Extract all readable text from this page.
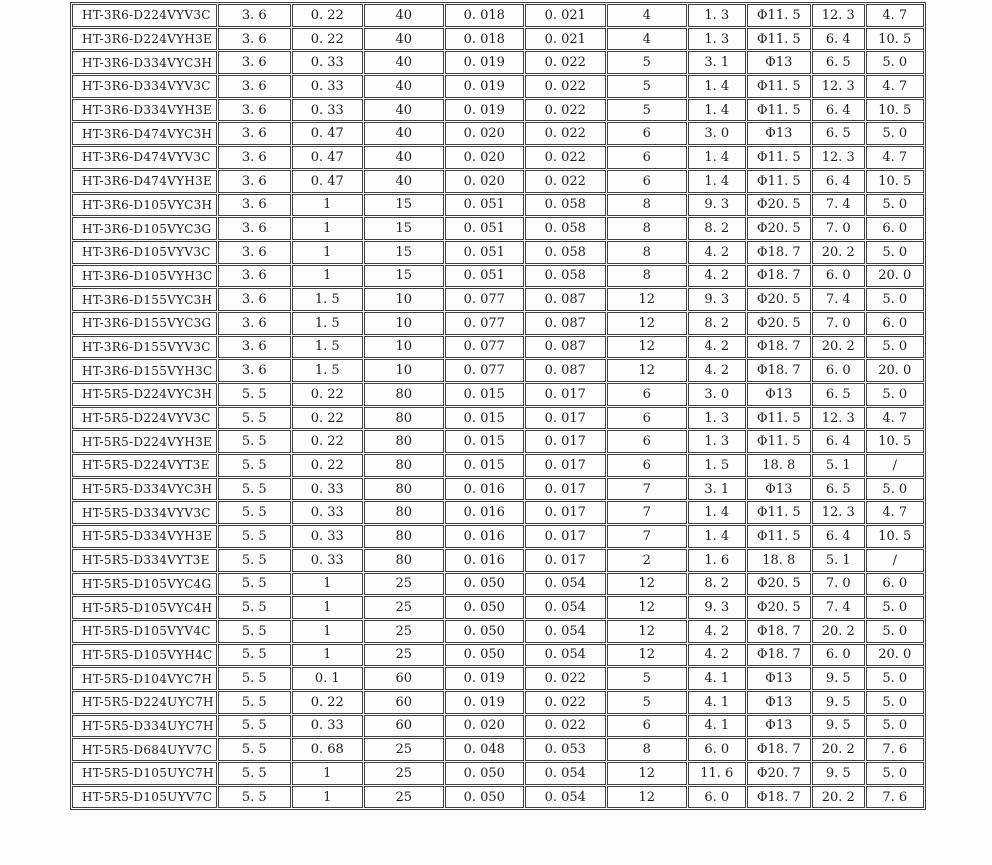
HT-3R6-D224VYV3C	3. 6	0. 22	40	0. 018	0. 021	4	1. 3	Φ11. 5	12. 3	4. 7
HT-3R6-D224VYH3E	3. 6	0. 22	40	0. 018	0. 021	4	1. 3	Φ11. 5	6. 4	10. 5
HT-3R6-D334VYC3H	3. 6	0. 33	40	0. 019	0. 022	5	3. 1	Φ13	6. 5	5. 0
HT-3R6-D334VYV3C	3. 6	0. 33	40	0. 019	0. 022	5	1. 4	Φ11. 5	12. 3	4. 7
HT-3R6-D334VYH3E	3. 6	0. 33	40	0. 019	0. 022	5	1. 4	Φ11. 5	6. 4	10. 5
HT-3R6-D474VYC3H	3. 6	0. 47	40	0. 020	0. 022	6	3. 0	Φ13	6. 5	5. 0
HT-3R6-D474VYV3C	3. 6	0. 47	40	0. 020	0. 022	6	1. 4	Φ11. 5	12. 3	4. 7
HT-3R6-D474VYH3E	3. 6	0. 47	40	0. 020	0. 022	6	1. 4	Φ11. 5	6. 4	10. 5
HT-3R6-D105VYC3H	3. 6	1	15	0. 051	0. 058	8	9. 3	Φ20. 5	7. 4	5. 0
HT-3R6-D105VYC3G	3. 6	1	15	0. 051	0. 058	8	8. 2	Φ20. 5	7. 0	6. 0
HT-3R6-D105VYV3C	3. 6	1	15	0. 051	0. 058	8	4. 2	Φ18. 7	20. 2	5. 0
HT-3R6-D105VYH3C	3. 6	1	15	0. 051	0. 058	8	4. 2	Φ18. 7	6. 0	20. 0
HT-3R6-D155VYC3H	3. 6	1. 5	10	0. 077	0. 087	12	9. 3	Φ20. 5	7. 4	5. 0
HT-3R6-D155VYC3G	3. 6	1. 5	10	0. 077	0. 087	12	8. 2	Φ20. 5	7. 0	6. 0
HT-3R6-D155VYV3C	3. 6	1. 5	10	0. 077	0. 087	12	4. 2	Φ18. 7	20. 2	5. 0
HT-3R6-D155VYH3C	3. 6	1. 5	10	0. 077	0. 087	12	4. 2	Φ18. 7	6. 0	20. 0
HT-5R5-D224VYC3H	5. 5	0. 22	80	0. 015	0. 017	6	3. 0	Φ13	6. 5	5. 0
HT-5R5-D224VYV3C	5. 5	0. 22	80	0. 015	0. 017	6	1. 3	Φ11. 5	12. 3	4. 7
HT-5R5-D224VYH3E	5. 5	0. 22	80	0. 015	0. 017	6	1. 3	Φ11. 5	6. 4	10. 5
HT-5R5-D224VYT3E	5. 5	0. 22	80	0. 015	0. 017	6	1. 5	18. 8	5. 1	/
HT-5R5-D334VYC3H	5. 5	0. 33	80	0. 016	0. 017	7	3. 1	Φ13	6. 5	5. 0
HT-5R5-D334VYV3C	5. 5	0. 33	80	0. 016	0. 017	7	1. 4	Φ11. 5	12. 3	4. 7
HT-5R5-D334VYH3E	5. 5	0. 33	80	0. 016	0. 017	7	1. 4	Φ11. 5	6. 4	10. 5
HT-5R5-D334VYT3E	5. 5	0. 33	80	0. 016	0. 017	2	1. 6	18. 8	5. 1	/
HT-5R5-D105VYC4G	5. 5	1	25	0. 050	0. 054	12	8. 2	Φ20. 5	7. 0	6. 0
HT-5R5-D105VYC4H	5. 5	1	25	0. 050	0. 054	12	9. 3	Φ20. 5	7. 4	5. 0
HT-5R5-D105VYV4C	5. 5	1	25	0. 050	0. 054	12	4. 2	Φ18. 7	20. 2	5. 0
HT-5R5-D105VYH4C	5. 5	1	25	0. 050	0. 054	12	4. 2	Φ18. 7	6. 0	20. 0
HT-5R5-D104VYC7H	5. 5	0. 1	60	0. 019	0. 022	5	4. 1	Φ13	9. 5	5. 0
HT-5R5-D224UYC7H	5. 5	0. 22	60	0. 019	0. 022	5	4. 1	Φ13	9. 5	5. 0
HT-5R5-D334UYC7H	5. 5	0. 33	60	0. 020	0. 022	6	4. 1	Φ13	9. 5	5. 0
HT-5R5-D684UYV7C	5. 5	0. 68	25	0. 048	0. 053	8	6. 0	Φ18. 7	20. 2	7. 6
HT-5R5-D105UYC7H	5. 5	1	25	0. 050	0. 054	12	11. 6	Φ20. 7	9. 5	5. 0
HT-5R5-D105UYV7C	5. 5	1	25	0. 050	0. 054	12	6. 0	Φ18. 7	20. 2	7. 6
